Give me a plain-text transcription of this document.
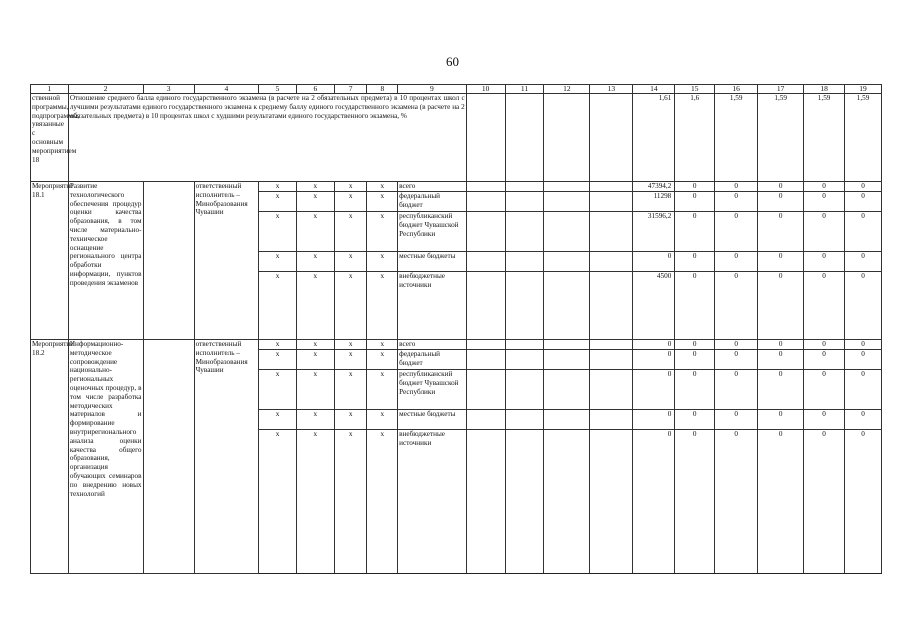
60
1	2	3	4	5	6	7	8	9	10	11	12	13	14	15	16	17	18	19
ственной программы, подпрограммы, увязанные с основным мероприятием 18	Отношение среднего балла единого государственного экзамена (в расчете на 2 обязательных предмета) в 10 процентах школ с лучшими результатами единого государственного экзамена к среднему баллу единого государственного экзамена (в расчете на 2 обязательных предмета) в 10 процентах школ с худшими результатами единого государственного экзамена, %												1,61	1,6	1,59	1,59	1,59	1,59
Мероприятие 18.1	Развитие технологического обеспечения процедур оценки качества образования, в том числе материально-техническое оснащение регионального центра обработки информации, пунктов проведения экзаменов		ответственный исполнитель – Минобразования Чувашии	х	х	х	х	всего					47394,2	0	0	0	0	0
				х	х	х	х	федеральный бюджет					11298	0	0	0	0	0
				х	х	х	х	республиканский бюджет Чувашской Республики					31596,2	0	0	0	0	0
				х	х	х	х	местные бюджеты					0	0	0	0	0	0
				х	х	х	х	внебюджетные источники					4500	0	0	0	0	0
Мероприятие 18.2	Информационно-методическое сопровождение национально-региональных оценочных процедур, в том числе разработка методических материалов и формирование внутрирегионального анализа оценки качества общего образования, организация обучающих семинаров по внедрению новых технологий		ответственный исполнитель – Минобразования Чувашии	х	х	х	х	всего					0	0	0	0	0	0
				х	х	х	х	федеральный бюджет					0	0	0	0	0	0
				х	х	х	х	республиканский бюджет Чувашской Республики					0	0	0	0	0	0
				х	х	х	х	местные бюджеты					0	0	0	0	0	0
				х	х	х	х	внебюджетные источники					0	0	0	0	0	0
